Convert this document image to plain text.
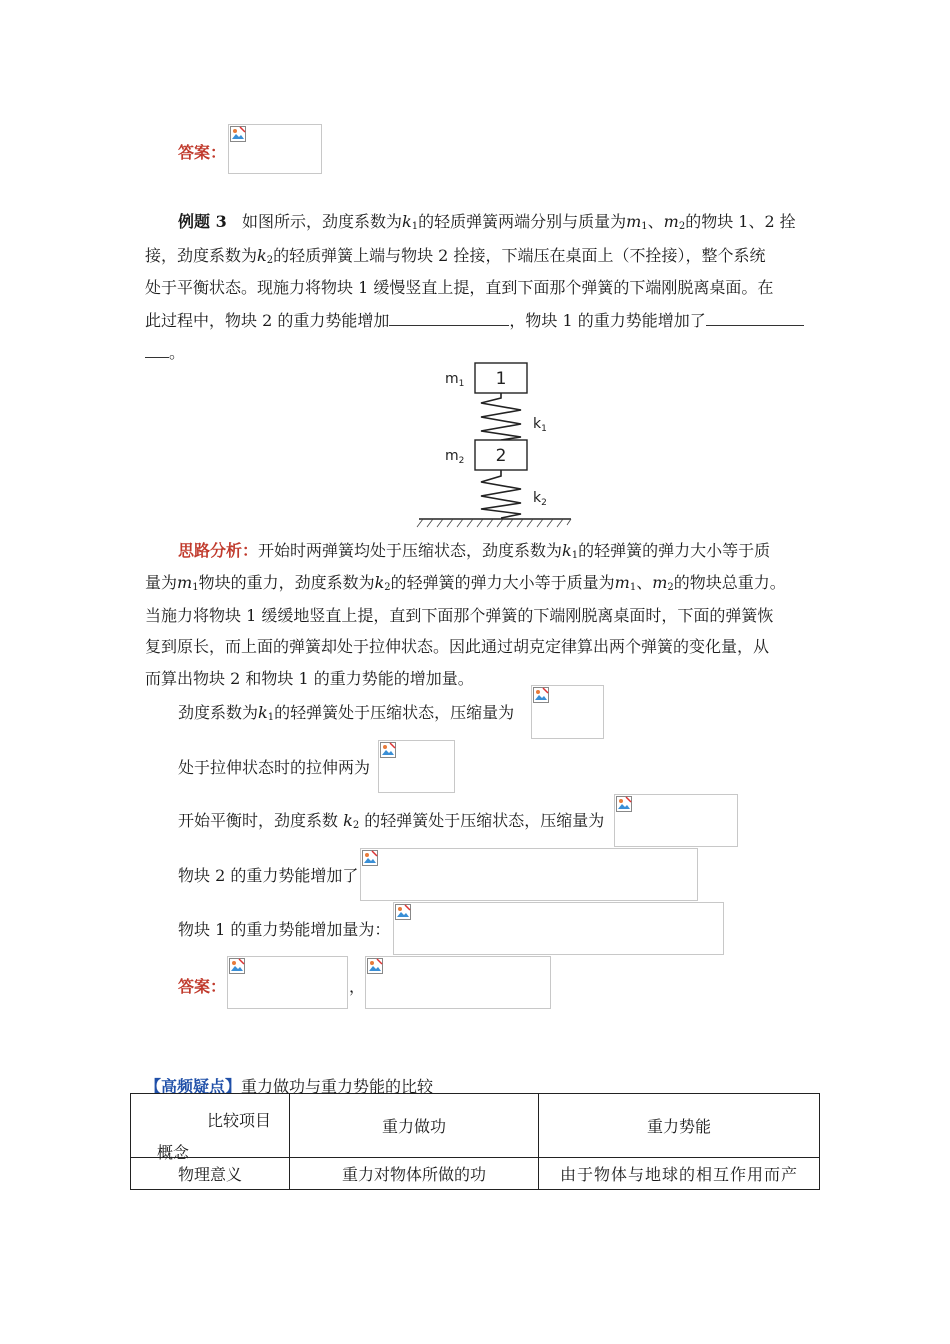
答案：
例题 3 如图所示，劲度系数为$k_1$的轻质弹簧两端分别与质量为$m_1$、$m_2$的物块 1、2 拴
接，劲度系数为$k_2$的轻质弹簧上端与物块 2 拴接，下端压在桌面上（不拴接），整个系统
处于平衡状态。现施力将物块 1 缓慢竖直上提，直到下面那个弹簧的下端刚脱离桌面。在
此过程中，物块 2 的重力势能增加	，物块 1 的重力势能增加了
。
$m_1$ 1
$k_1$
$m_2$ 2
$k_2$
思路分析：开始时两弹簧均处于压缩状态，劲度系数为$k_1$的轻弹簧的弹力大小等于质
量为$m_1$物块的重力，劲度系数为$k_2$的轻弹簧的弹力大小等于质量为$m_1$、$m_2$的物块总重力。
当施力将物块 1 缓缓地竖直上提，直到下面那个弹簧的下端刚脱离桌面时，下面的弹簧恢
复到原长，而上面的弹簧却处于拉伸状态。因此通过胡克定律算出两个弹簧的变化量，从
而算出物块 2 和物块 1 的重力势能的增加量。
劲度系数为$k_1$的轻弹簧处于压缩状态，压缩量为
处于拉伸状态时的拉伸两为
开始平衡时，劲度系数 $k_2$ 的轻弹簧处于压缩状态，压缩量为
物块 2 的重力势能增加了
物块 1 的重力势能增加量为：
答案：	，
【高频疑点】重力做功与重力势能的比较
比较项目
概念	重力做功	重力势能
物理意义	重力对物体所做的功	由于物体与地球的相互作用而产
